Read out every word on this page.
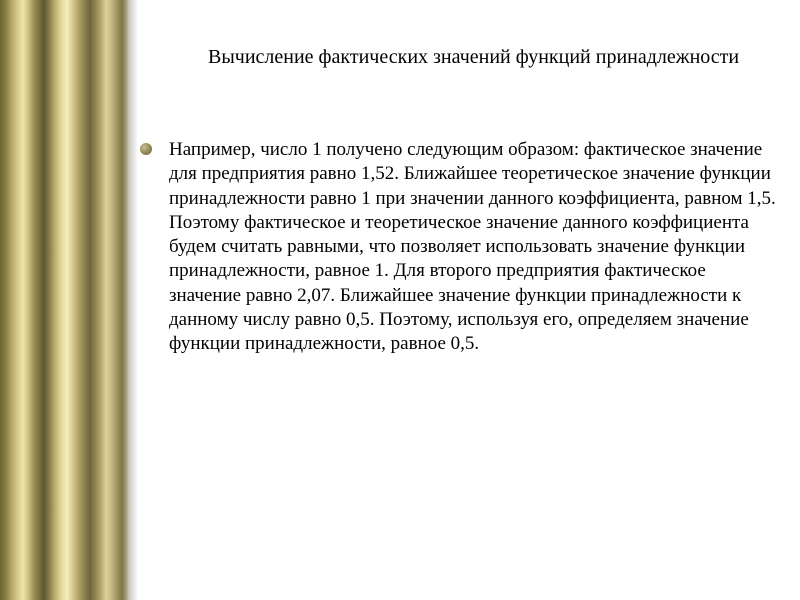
Вычисление фактических значений функций принадлежности
Например, число 1 получено следующим образом: фактическое значение для предприятия равно 1,52. Ближайшее теоретическое значение функции принадлежности равно 1 при значении данного коэффициента, равном 1,5. Поэтому фактическое и теоретическое значение данного коэффициента будем считать равными, что позволяет использовать значение функции принадлежности, равное 1. Для второго предприятия фактическое значение равно 2,07. Ближайшее значение функции принадлежности к данному числу равно 0,5. Поэтому, используя его, определяем значение функции принадлежности, равное 0,5.
